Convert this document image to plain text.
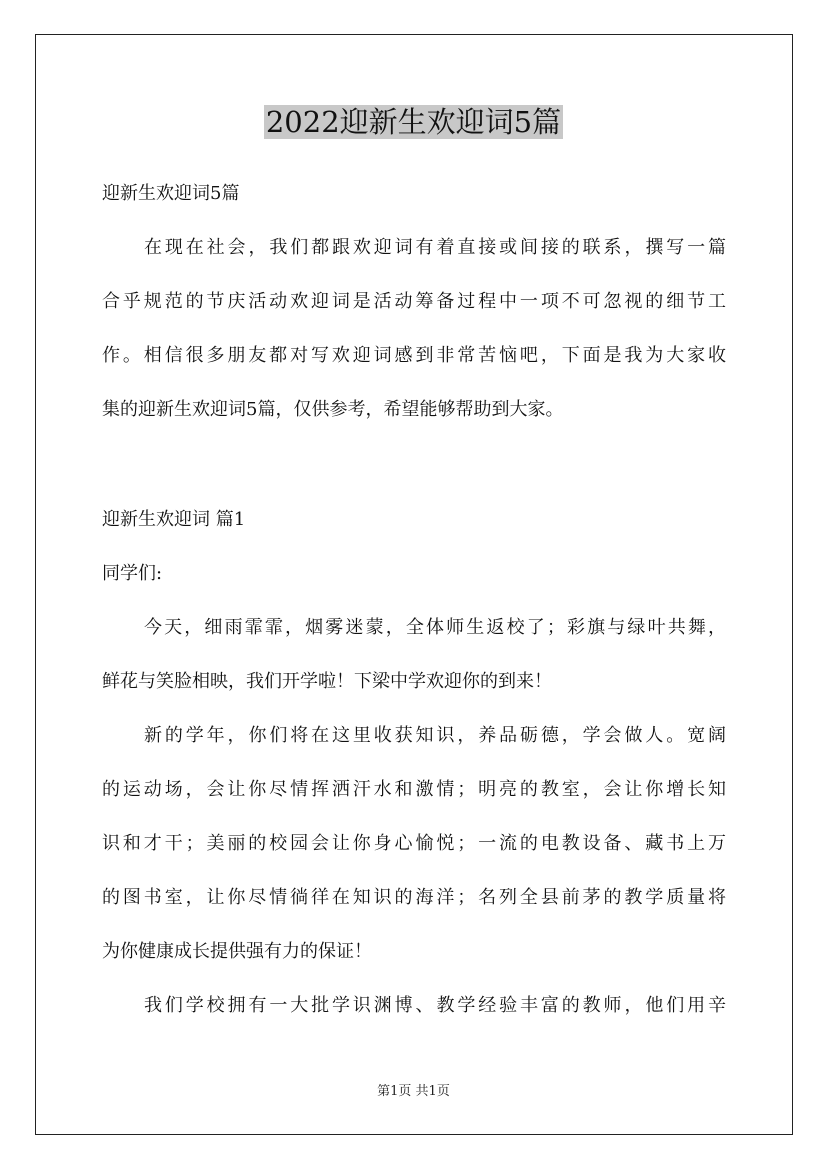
2022迎新生欢迎词5篇
迎新生欢迎词5篇
在现在社会，我们都跟欢迎词有着直接或间接的联系，撰写一篇
合乎规范的节庆活动欢迎词是活动筹备过程中一项不可忽视的细节工
作。相信很多朋友都对写欢迎词感到非常苦恼吧，下面是我为大家收
集的迎新生欢迎词5篇，仅供参考，希望能够帮助到大家。
迎新生欢迎词 篇1
同学们:
今天，细雨霏霏，烟雾迷蒙，全体师生返校了；彩旗与绿叶共舞，
鲜花与笑脸相映，我们开学啦！下梁中学欢迎你的到来！
新的学年，你们将在这里收获知识，养品砺德，学会做人。宽阔
的运动场，会让你尽情挥洒汗水和激情；明亮的教室，会让你增长知
识和才干；美丽的校园会让你身心愉悦；一流的电教设备、藏书上万
的图书室，让你尽情徜徉在知识的海洋；名列全县前茅的教学质量将
为你健康成长提供强有力的保证！
我们学校拥有一大批学识渊博、教学经验丰富的教师，他们用辛
第1页 共1页
